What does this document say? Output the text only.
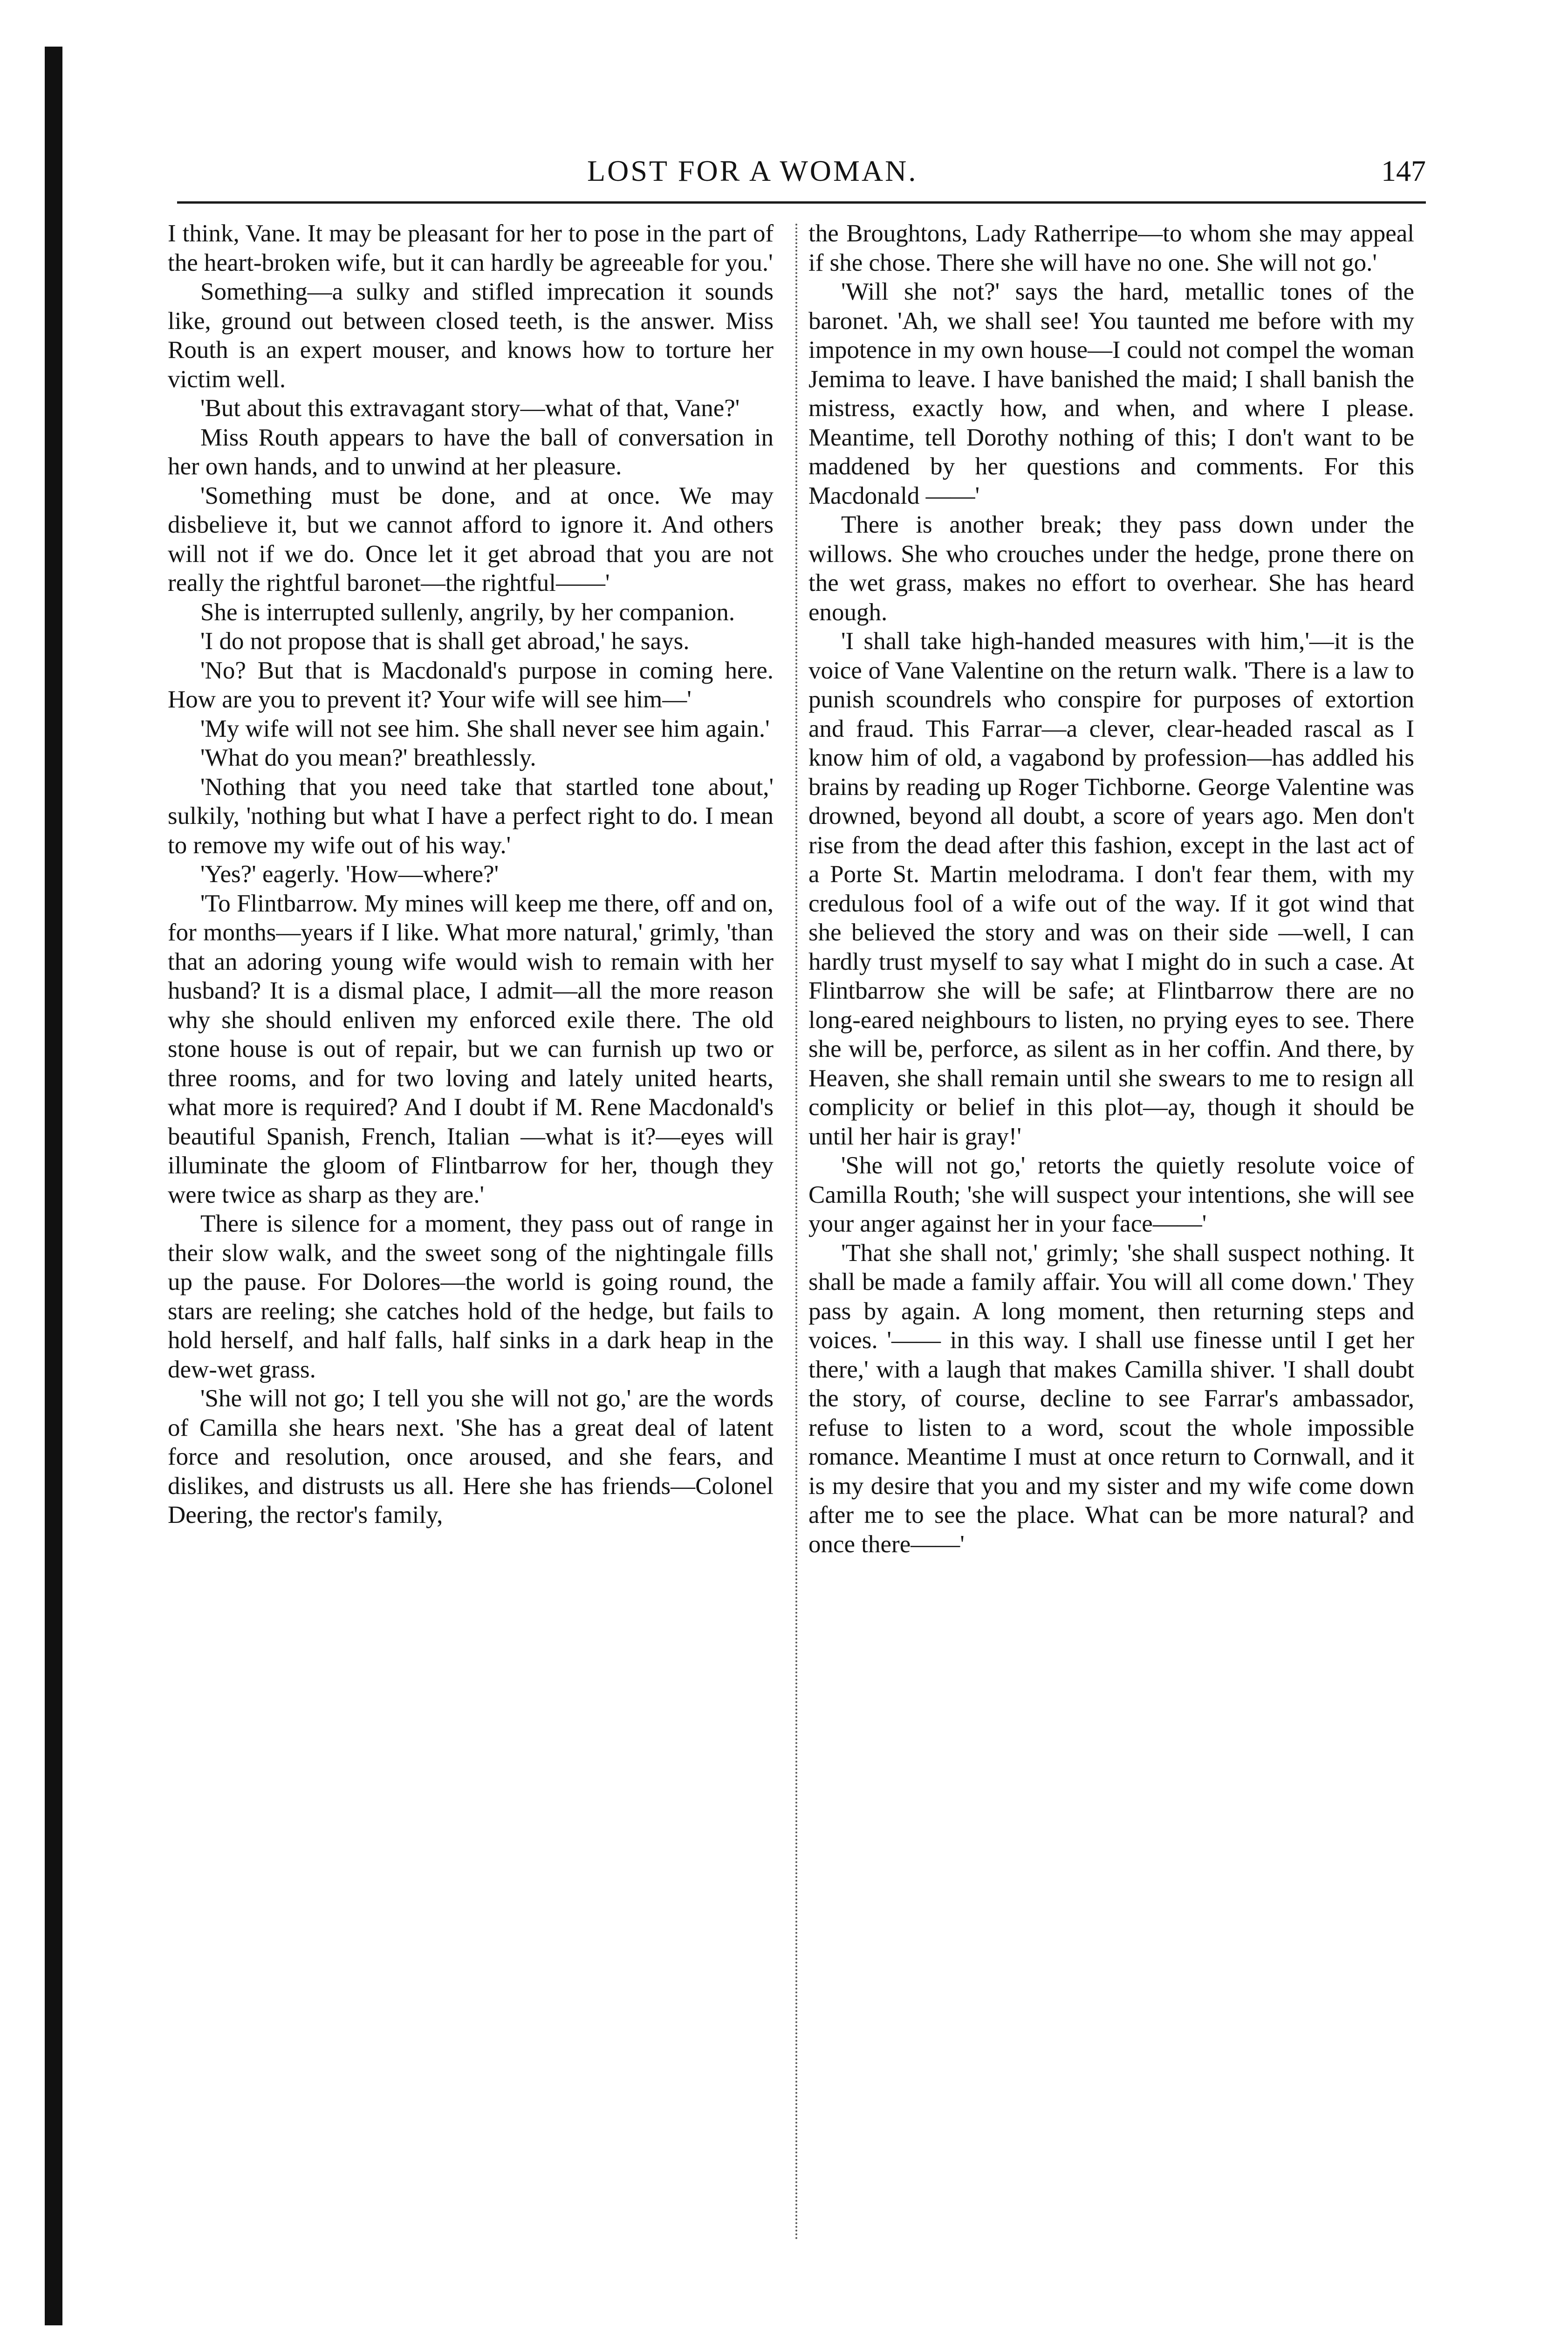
LOST FOR A WOMAN.	147

I think, Vane. It may be pleasant for her to pose in the part of the heart-broken wife, but it can hardly be agreeable for you.'

Something—a sulky and stifled imprecation it sounds like, ground out between closed teeth, is the answer. Miss Routh is an expert mouser, and knows how to torture her victim well.

'But about this extravagant story—what of that, Vane?'

Miss Routh appears to have the ball of conversation in her own hands, and to unwind at her pleasure.

'Something must be done, and at once. We may disbelieve it, but we cannot afford to ignore it. And others will not if we do. Once let it get abroad that you are not really the rightful baronet—the rightful——'

She is interrupted sullenly, angrily, by her companion.

'I do not propose that is shall get abroad,' he says.

'No? But that is Macdonald's purpose in coming here. How are you to prevent it? Your wife will see him—'

'My wife will not see him. She shall never see him again.'

'What do you mean?' breathlessly.

'Nothing that you need take that startled tone about,' sulkily, 'nothing but what I have a perfect right to do. I mean to remove my wife out of his way.'

'Yes?' eagerly. 'How—where?'

'To Flintbarrow. My mines will keep me there, off and on, for months—years if I like. What more natural,' grimly, 'than that an adoring young wife would wish to remain with her husband? It is a dismal place, I admit—all the more reason why she should enliven my enforced exile there. The old stone house is out of repair, but we can furnish up two or three rooms, and for two loving and lately united hearts, what more is required? And I doubt if M. Rene Macdonald's beautiful Spanish, French, Italian —what is it?—eyes will illuminate the gloom of Flintbarrow for her, though they were twice as sharp as they are.'

There is silence for a moment, they pass out of range in their slow walk, and the sweet song of the nightingale fills up the pause. For Dolores—the world is going round, the stars are reeling; she catches hold of the hedge, but fails to hold herself, and half falls, half sinks in a dark heap in the dew-wet grass.

'She will not go; I tell you she will not go,' are the words of Camilla she hears next. 'She has a great deal of latent force and resolution, once aroused, and she fears, and dislikes, and distrusts us all. Here she has friends—Colonel Deering, the rector's family,

the Broughtons, Lady Ratherripe—to whom she may appeal if she chose. There she will have no one. She will not go.'

'Will she not?' says the hard, metallic tones of the baronet. 'Ah, we shall see! You taunted me before with my impotence in my own house—I could not compel the woman Jemima to leave. I have banished the maid; I shall banish the mistress, exactly how, and when, and where I please. Meantime, tell Dorothy nothing of this; I don't want to be maddened by her questions and comments. For this Macdonald ——'

There is another break; they pass down under the willows. She who crouches under the hedge, prone there on the wet grass, makes no effort to overhear. She has heard enough.

'I shall take high-handed measures with him,'—it is the voice of Vane Valentine on the return walk. 'There is a law to punish scoundrels who conspire for purposes of extortion and fraud. This Farrar—a clever, clear-headed rascal as I know him of old, a vagabond by profession—has addled his brains by reading up Roger Tichborne. George Valentine was drowned, beyond all doubt, a score of years ago. Men don't rise from the dead after this fashion, except in the last act of a Porte St. Martin melodrama. I don't fear them, with my credulous fool of a wife out of the way. If it got wind that she believed the story and was on their side —well, I can hardly trust myself to say what I might do in such a case. At Flintbarrow she will be safe; at Flintbarrow there are no long-eared neighbours to listen, no prying eyes to see. There she will be, perforce, as silent as in her coffin. And there, by Heaven, she shall remain until she swears to me to resign all complicity or belief in this plot—ay, though it should be until her hair is gray!'

'She will not go,' retorts the quietly resolute voice of Camilla Routh; 'she will suspect your intentions, she will see your anger against her in your face——'

'That she shall not,' grimly; 'she shall suspect nothing. It shall be made a family affair. You will all come down.' They pass by again. A long moment, then returning steps and voices. '—— in this way. I shall use finesse until I get her there,' with a laugh that makes Camilla shiver. 'I shall doubt the story, of course, decline to see Farrar's ambassador, refuse to listen to a word, scout the whole impossible romance. Meantime I must at once return to Cornwall, and it is my desire that you and my sister and my wife come down after me to see the place. What can be more natural? and once there——'
